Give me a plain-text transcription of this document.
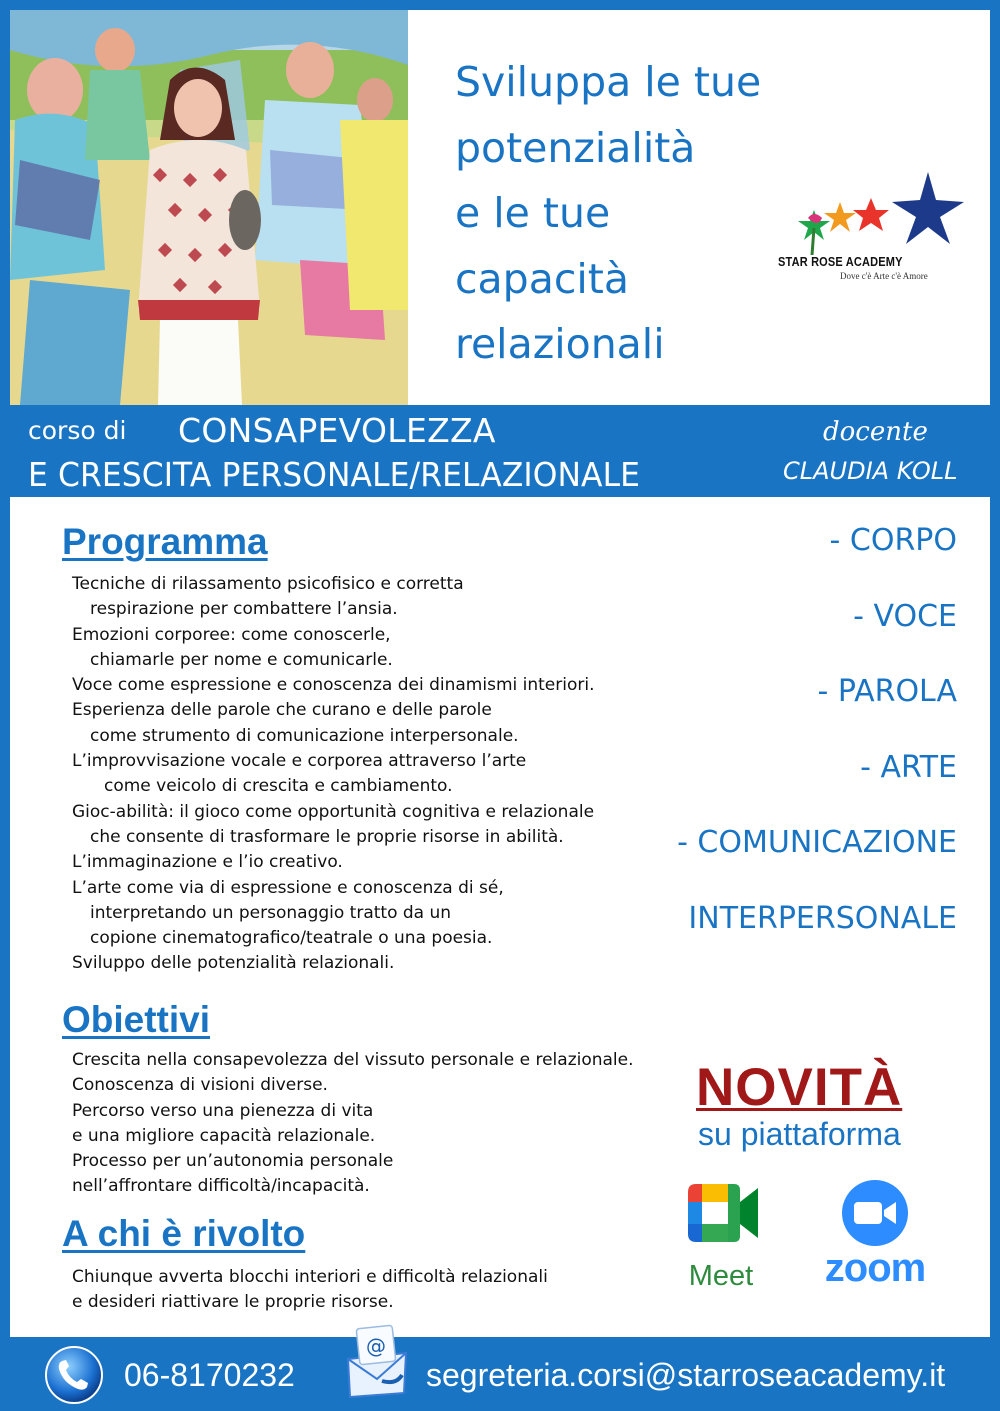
Sviluppa le tue
potenzialità
e le tue
capacità
relazionali
STAR ROSE ACADEMY
Dove c'è Arte c'è Amore
corso di CONSAPEVOLEZZA
E CRESCITA PERSONALE/RELAZIONALE
docente
CLAUDIA KOLL
Programma
Tecniche di rilassamento psicofisico e corretta
respirazione per combattere l’ansia.
Emozioni corporee: come conoscerle,
chiamarle per nome e comunicarle.
Voce come espressione e conoscenza dei dinamismi interiori.
Esperienza delle parole che curano e delle parole
come strumento di comunicazione interpersonale.
L’improvvisazione vocale e corporea attraverso l’arte
come veicolo di crescita e cambiamento.
Gioc-abilità: il gioco come opportunità cognitiva e relazionale
che consente di trasformare le proprie risorse in abilità.
L’immaginazione e l’io creativo.
L’arte come via di espressione e conoscenza di sé,
interpretando un personaggio tratto da un
copione cinematografico/teatrale o una poesia.
Sviluppo delle potenzialità relazionali.
- CORPO
- VOCE
- PAROLA
- ARTE
- COMUNICAZIONE
INTERPERSONALE
Obiettivi
Crescita nella consapevolezza del vissuto personale e relazionale.
Conoscenza di visioni diverse.
Percorso verso una pienezza di vita
e una migliore capacità relazionale.
Processo per un’autonomia personale
nell’affrontare difficoltà/incapacità.
A chi è rivolto
Chiunque avverta blocchi interiori e difficoltà relazionali
e desideri riattivare le proprie risorse.
NOVITÀ
su piattaforma
Meet zoom
06-8170232
@
segreteria.corsi@starroseacademy.it
